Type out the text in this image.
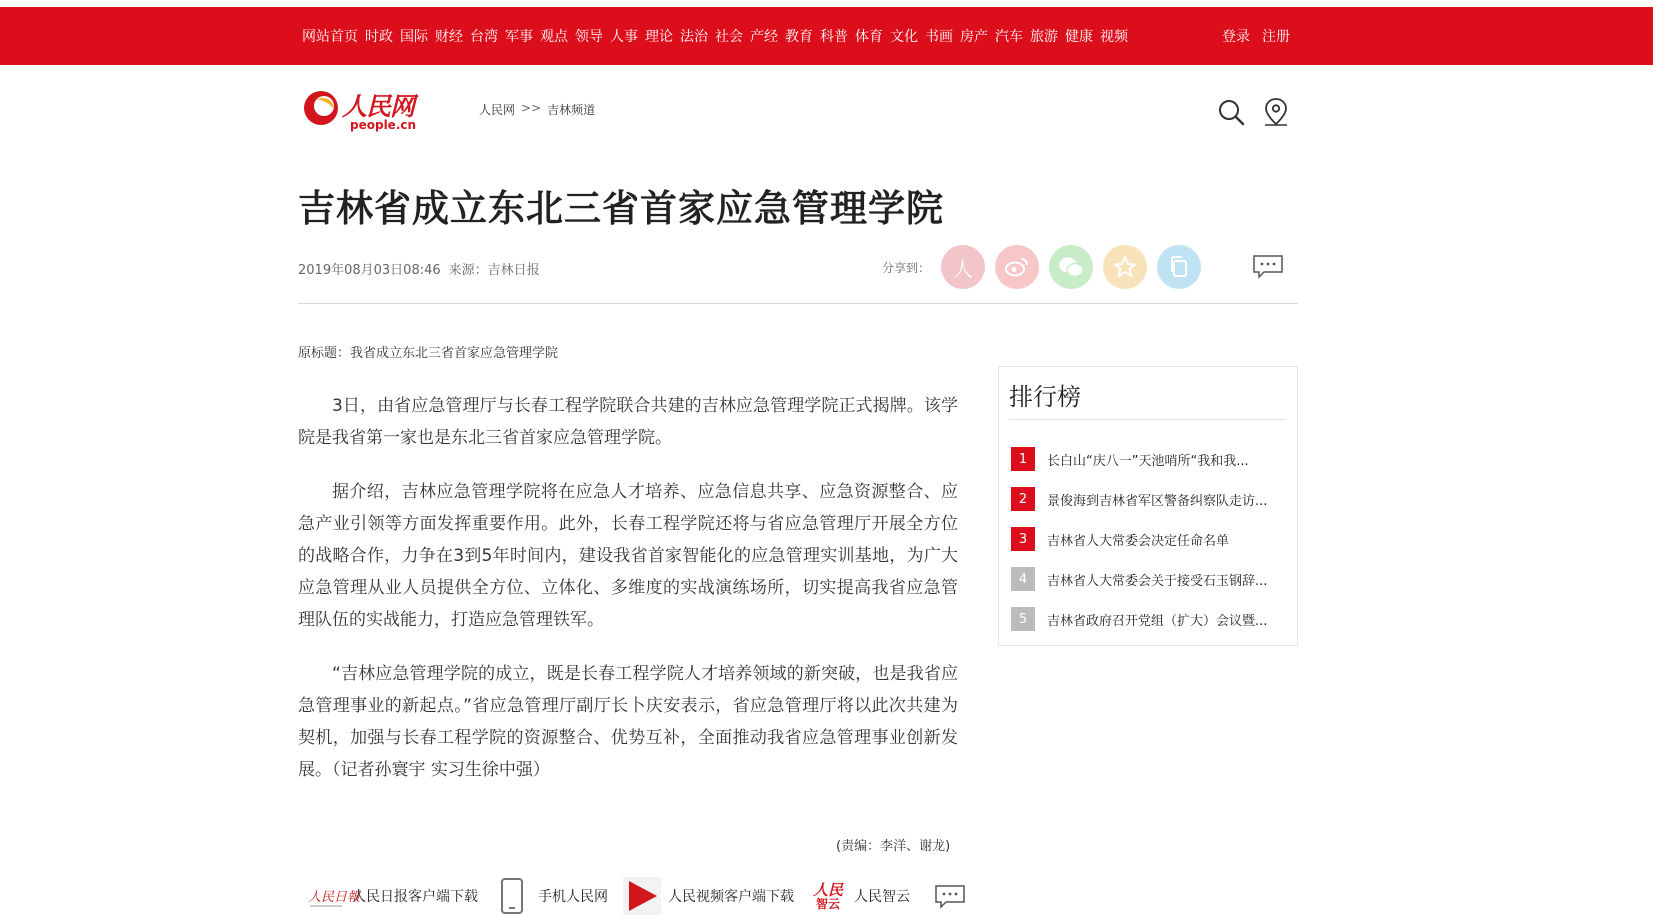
网站首页 时政 国际 财经 台湾 军事 观点 领导 人事 理论 法治 社会 产经 教育 科普 体育 文化 书画 房产 汽车 旅游 健康 视频	登录 注册
人民网
people.cn
人民网 >> 吉林频道
吉林省成立东北三省首家应急管理学院
2019年08月03日08:46 来源：吉林日报	分享到： 人
原标题：我省成立东北三省首家应急管理学院

3日，由省应急管理厅与长春工程学院联合共建的吉林应急管理学院正式揭牌。该学院是我省第一家也是东北三省首家应急管理学院。

据介绍，吉林应急管理学院将在应急人才培养、应急信息共享、应急资源整合、应急产业引领等方面发挥重要作用。此外，长春工程学院还将与省应急管理厅开展全方位的战略合作，力争在3到5年时间内，建设我省首家智能化的应急管理实训基地，为广大应急管理从业人员提供全方位、立体化、多维度的实战演练场所，切实提高我省应急管理队伍的实战能力，打造应急管理铁军。

“吉林应急管理学院的成立，既是长春工程学院人才培养领域的新突破，也是我省应急管理事业的新起点。”省应急管理厅副厅长卜庆安表示，省应急管理厅将以此次共建为契机，加强与长春工程学院的资源整合、优势互补，全面推动我省应急管理事业创新发展。（记者孙寰宇 实习生徐中强）

(责编：李洋、谢龙)
人民日報
人民日报客户端下载	手机人民网	人民视频客户端下载 人民
智云 人民智云
排行榜
1	长白山“庆八一”天池哨所“我和我...
2	景俊海到吉林省军区警备纠察队走访...
3	吉林省人大常委会决定任命名单
4	吉林省人大常委会关于接受石玉钢辞...
5	吉林省政府召开党组（扩大）会议暨...
